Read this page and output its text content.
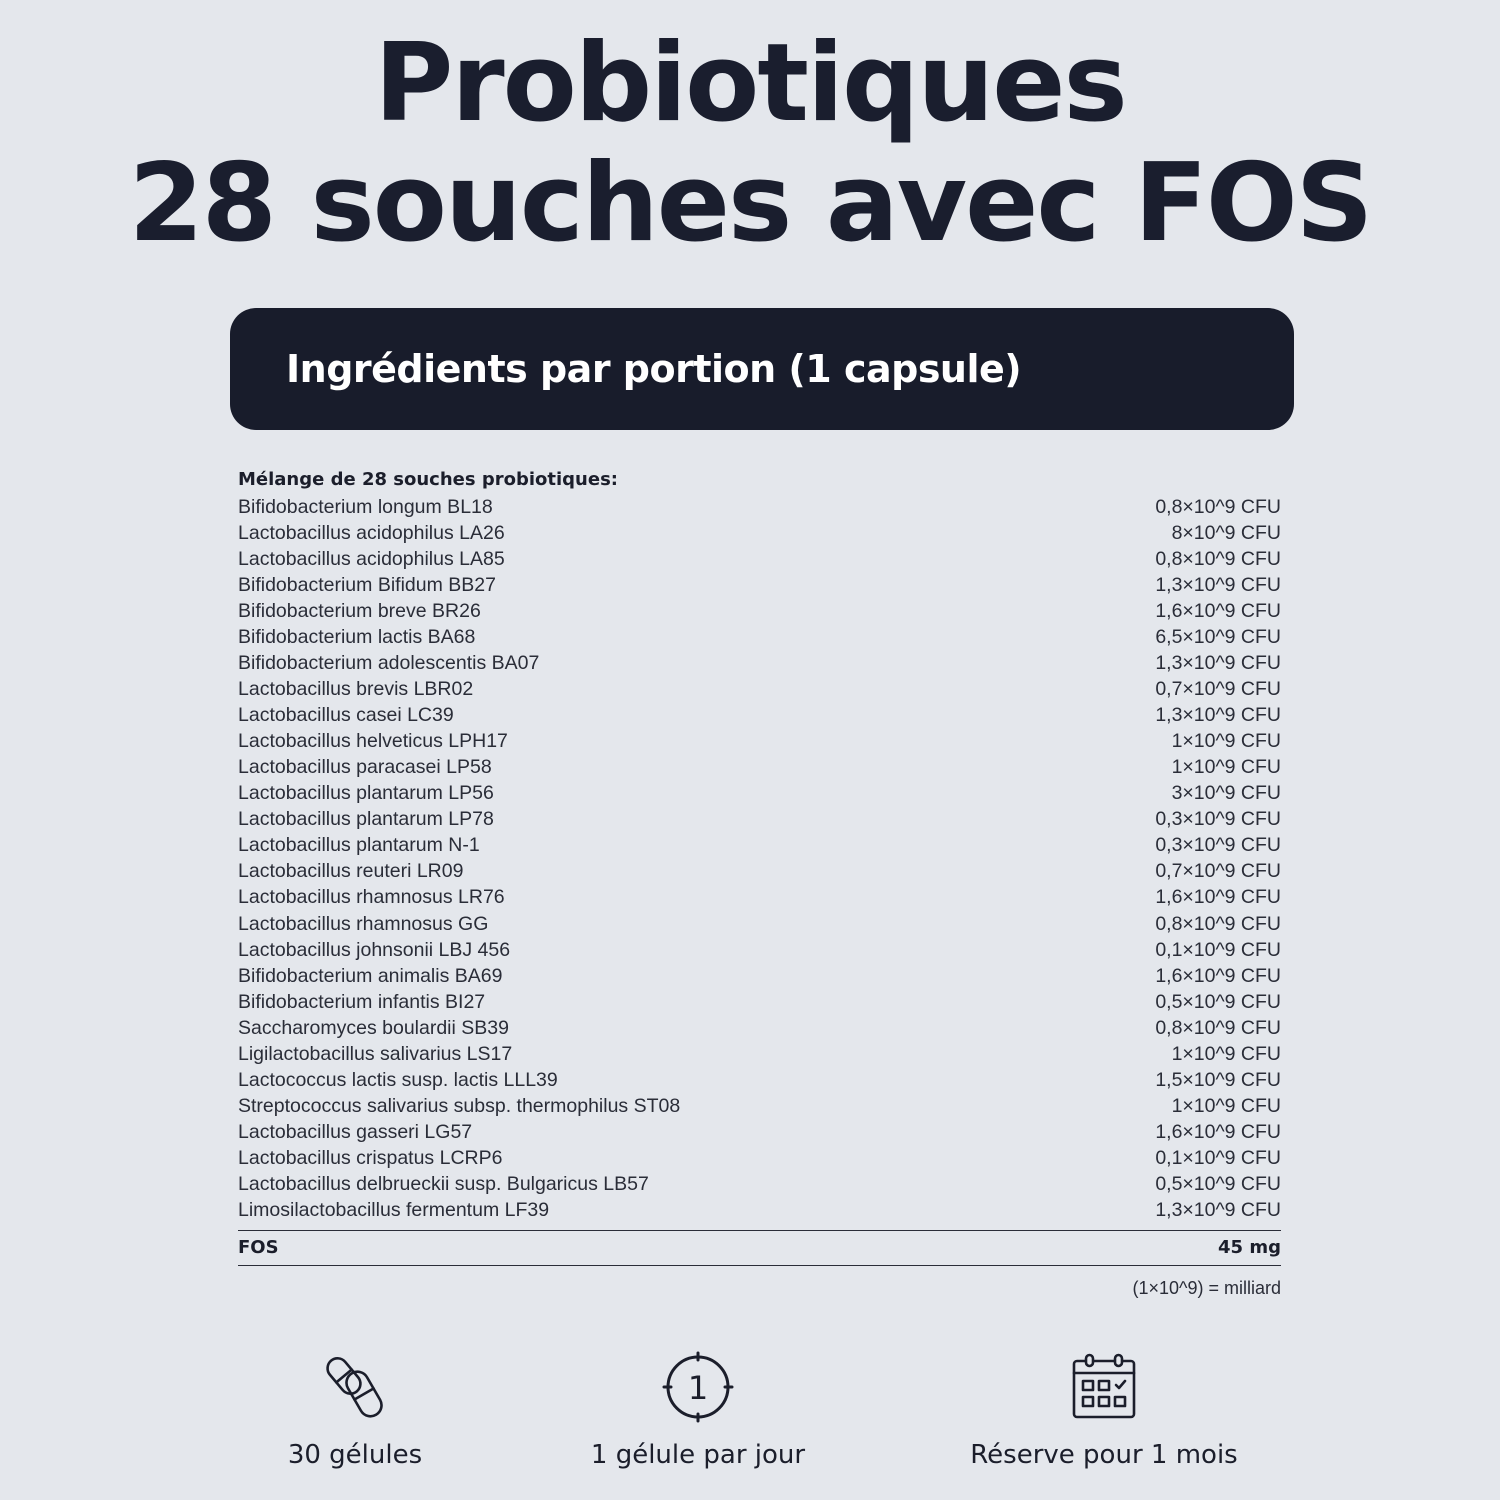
Probiotiques
28 souches avec FOS
Ingrédients par portion (1 capsule)
Mélange de 28 souches probiotiques:
Bifidobacterium longum BL18	0,8×10^9 CFU
Lactobacillus acidophilus LA26	8×10^9 CFU
Lactobacillus acidophilus LA85	0,8×10^9 CFU
Bifidobacterium Bifidum BB27	1,3×10^9 CFU
Bifidobacterium breve BR26	1,6×10^9 CFU
Bifidobacterium lactis BA68	6,5×10^9 CFU
Bifidobacterium adolescentis BA07	1,3×10^9 CFU
Lactobacillus brevis LBR02	0,7×10^9 CFU
Lactobacillus casei LC39	1,3×10^9 CFU
Lactobacillus helveticus LPH17	1×10^9 CFU
Lactobacillus paracasei LP58	1×10^9 CFU
Lactobacillus plantarum LP56	3×10^9 CFU
Lactobacillus plantarum LP78	0,3×10^9 CFU
Lactobacillus plantarum N-1	0,3×10^9 CFU
Lactobacillus reuteri LR09	0,7×10^9 CFU
Lactobacillus rhamnosus LR76	1,6×10^9 CFU
Lactobacillus rhamnosus GG	0,8×10^9 CFU
Lactobacillus johnsonii LBJ 456	0,1×10^9 CFU
Bifidobacterium animalis BA69	1,6×10^9 CFU
Bifidobacterium infantis BI27	0,5×10^9 CFU
Saccharomyces boulardii SB39	0,8×10^9 CFU
Ligilactobacillus salivarius LS17	1×10^9 CFU
Lactococcus lactis susp. lactis LLL39	1,5×10^9 CFU
Streptococcus salivarius subsp. thermophilus ST08	1×10^9 CFU
Lactobacillus gasseri LG57	1,6×10^9 CFU
Lactobacillus crispatus LCRP6	0,1×10^9 CFU
Lactobacillus delbrueckii susp. Bulgaricus LB57	0,5×10^9 CFU
Limosilactobacillus fermentum LF39	1,3×10^9 CFU
FOS	45 mg
(1×10^9) = milliard
30 gélules
1
1 gélule par jour	Réserve pour 1 mois
